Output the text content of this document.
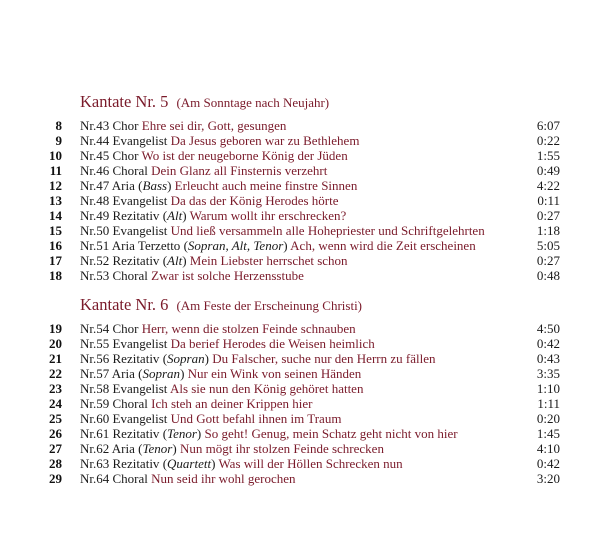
Kantate Nr. 5 (Am Sonntage nach Neujahr)
8 Nr.43 Chor Ehre sei dir, Gott, gesungen	6:07
9 Nr.44 Evangelist Da Jesus geboren war zu Bethlehem	0:22
10 Nr.45 Chor Wo ist der neugeborne König der Jüden	1:55
11 Nr.46 Choral Dein Glanz all Finsternis verzehrt	0:49
12 Nr.47 Aria (Bass) Erleucht auch meine finstre Sinnen	4:22
13 Nr.48 Evangelist Da das der König Herodes hörte	0:11
14 Nr.49 Rezitativ (Alt) Warum wollt ihr erschrecken?	0:27
15 Nr.50 Evangelist Und ließ versammeln alle Hohepriester und Schriftgelehrten	1:18
16 Nr.51 Aria Terzetto (Sopran, Alt, Tenor) Ach, wenn wird die Zeit erscheinen	5:05
17 Nr.52 Rezitativ (Alt) Mein Liebster herrschet schon	0:27
18 Nr.53 Choral Zwar ist solche Herzensstube	0:48
Kantate Nr. 6 (Am Feste der Erscheinung Christi)
19 Nr.54 Chor Herr, wenn die stolzen Feinde schnauben	4:50
20 Nr.55 Evangelist Da berief Herodes die Weisen heimlich	0:42
21 Nr.56 Rezitativ (Sopran) Du Falscher, suche nur den Herrn zu fällen	0:43
22 Nr.57 Aria (Sopran) Nur ein Wink von seinen Händen	3:35
23 Nr.58 Evangelist Als sie nun den König gehöret hatten	1:10
24 Nr.59 Choral Ich steh an deiner Krippen hier	1:11
25 Nr.60 Evangelist Und Gott befahl ihnen im Traum	0:20
26 Nr.61 Rezitativ (Tenor) So geht! Genug, mein Schatz geht nicht von hier	1:45
27 Nr.62 Aria (Tenor) Nun mögt ihr stolzen Feinde schrecken	4:10
28 Nr.63 Rezitativ (Quartett) Was will der Höllen Schrecken nun	0:42
29 Nr.64 Choral Nun seid ihr wohl gerochen	3:20
